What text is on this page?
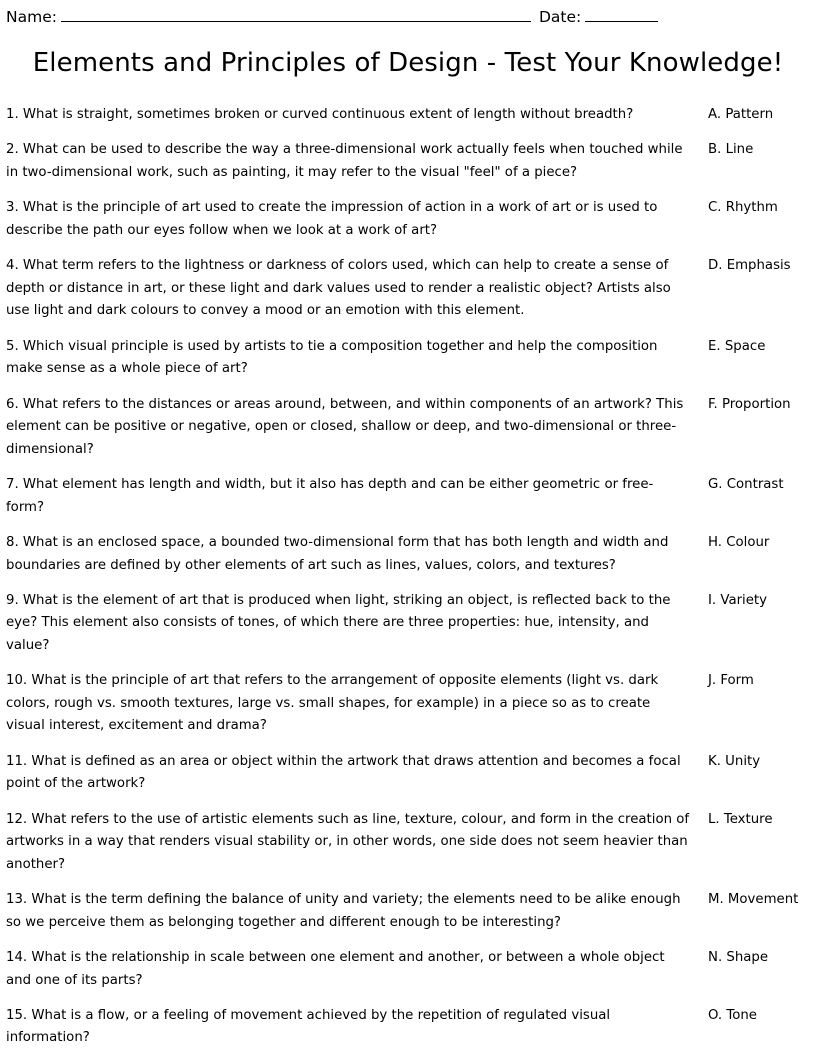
Name:	Date:
Elements and Principles of Design - Test Your Knowledge!
1. What is straight, sometimes broken or curved continuous extent of length without breadth?	A. Pattern
2. What can be used to describe the way a three-dimensional work actually feels when touched while in two-dimensional work, such as painting, it may refer to the visual "feel" of a piece?
B. Line
3. What is the principle of art used to create the impression of action in a work of art or is used to describe the path our eyes follow when we look at a work of art?
C. Rhythm
4. What term refers to the lightness or darkness of colors used, which can help to create a sense of depth or distance in art, or these light and dark values used to render a realistic object? Artists also use light and dark colours to convey a mood or an emotion with this element.
D. Emphasis
5. Which visual principle is used by artists to tie a composition together and help the composition make sense as a whole piece of art?
E. Space
6. What refers to the distances or areas around, between, and within components of an artwork? This element can be positive or negative, open or closed, shallow or deep, and two-dimensional or three-dimensional?
F. Proportion
7. What element has length and width, but it also has depth and can be either geometric or free-form?
G. Contrast
8. What is an enclosed space, a bounded two-dimensional form that has both length and width and boundaries are defined by other elements of art such as lines, values, colors, and textures?
H. Colour
9. What is the element of art that is produced when light, striking an object, is reflected back to the eye? This element also consists of tones, of which there are three properties: hue, intensity, and value?
I. Variety
10. What is the principle of art that refers to the arrangement of opposite elements (light vs. dark colors, rough vs. smooth textures, large vs. small shapes, for example) in a piece so as to create visual interest, excitement and drama?
J. Form
11. What is defined as an area or object within the artwork that draws attention and becomes a focal point of the artwork?
K. Unity
12. What refers to the use of artistic elements such as line, texture, colour, and form in the creation of artworks in a way that renders visual stability or, in other words, one side does not seem heavier than another?
L. Texture
13. What is the term defining the balance of unity and variety; the elements need to be alike enough so we perceive them as belonging together and different enough to be interesting?
M. Movement
14. What is the relationship in scale between one element and another, or between a whole object and one of its parts?
N. Shape
15. What is a flow, or a feeling of movement achieved by the repetition of regulated visual information?
O. Tone
